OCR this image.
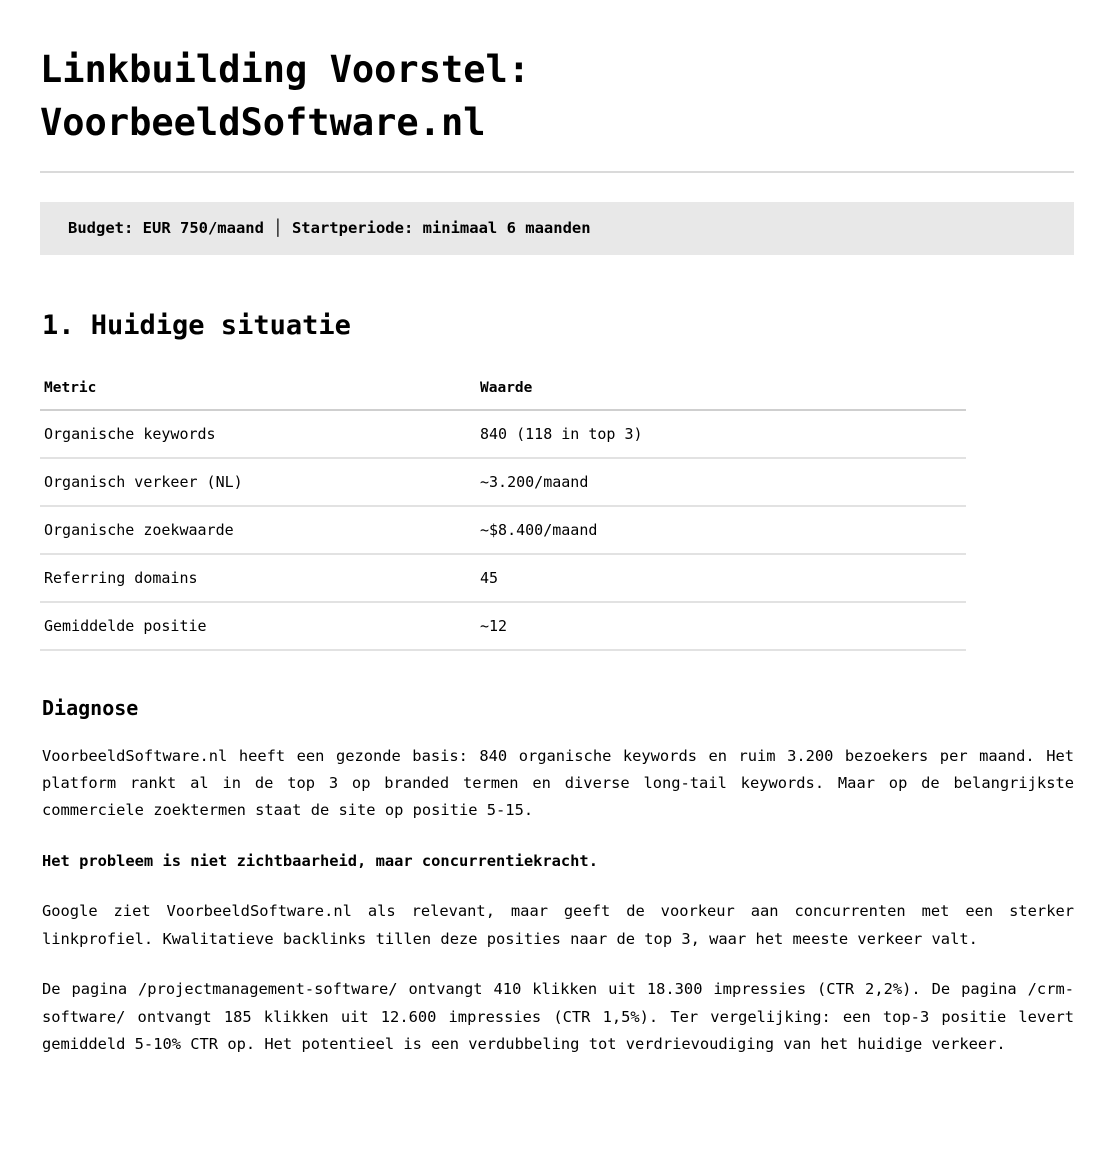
Linkbuilding Voorstel:
VoorbeeldSoftware.nl
Budget: EUR 750/maand │ Startperiode: minimaal 6 maanden
1. Huidige situatie
Metric	Waarde
Organische keywords	840 (118 in top 3)
Organisch verkeer (NL)	~3.200/maand
Organische zoekwaarde	~$8.400/maand
Referring domains	45
Gemiddelde positie	~12
Diagnose

VoorbeeldSoftware.nl heeft een gezonde basis: 840 organische keywords en ruim 3.200 bezoekers per maand. Het platform rankt al in de top 3 op branded termen en diverse long-tail keywords. Maar op de belangrijkste commerciele zoektermen staat de site op positie 5-15.

Het probleem is niet zichtbaarheid, maar concurrentiekracht.

Google ziet VoorbeeldSoftware.nl als relevant, maar geeft de voorkeur aan concurrenten met een sterker linkprofiel. Kwalitatieve backlinks tillen deze posities naar de top 3, waar het meeste verkeer valt.

De pagina /projectmanagement-software/ ontvangt 410 klikken uit 18.300 impressies (CTR 2,2%). De pagina /crm-software/ ontvangt 185 klikken uit 12.600 impressies (CTR 1,5%). Ter vergelijking: een top-3 positie levert gemiddeld 5-10% CTR op. Het potentieel is een verdubbeling tot verdrievoudiging van het huidige verkeer.
